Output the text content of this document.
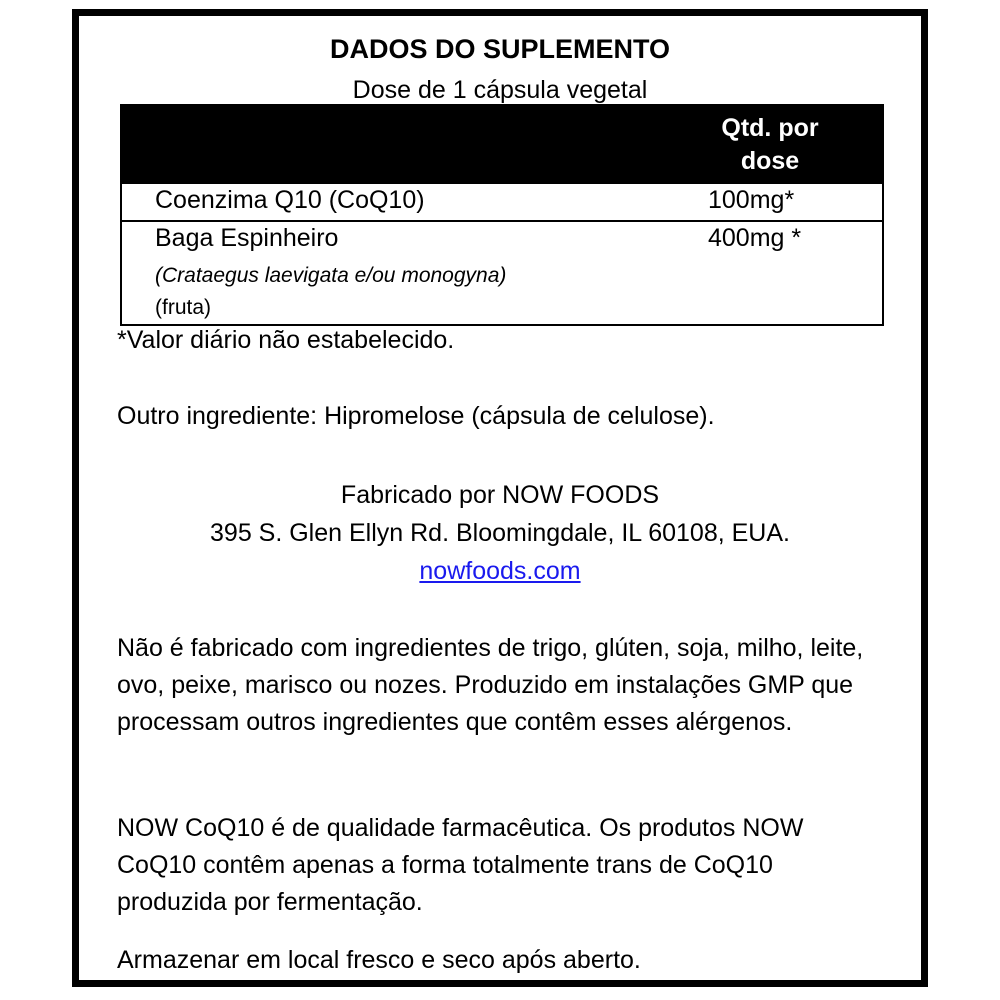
DADOS DO SUPLEMENTO
Dose de 1 cápsula vegetal
Qtd. por
dose
Coenzima Q10 (CoQ10)	100mg*
Baga Espinheiro
(Crataegus laevigata e/ou monogyna)
(fruta)
400mg *
*Valor diário não estabelecido.
Outro ingrediente: Hipromelose (cápsula de celulose).
Fabricado por NOW FOODS
395 S. Glen Ellyn Rd. Bloomingdale, IL 60108, EUA.
nowfoods.com
Não é fabricado com ingredientes de trigo, glúten, soja, milho, leite, ovo, peixe, marisco ou nozes. Produzido em instalações GMP que processam outros ingredientes que contêm esses alérgenos.
NOW CoQ10 é de qualidade farmacêutica. Os produtos NOW CoQ10 contêm apenas a forma totalmente trans de CoQ10 produzida por fermentação.
Armazenar em local fresco e seco após aberto.
